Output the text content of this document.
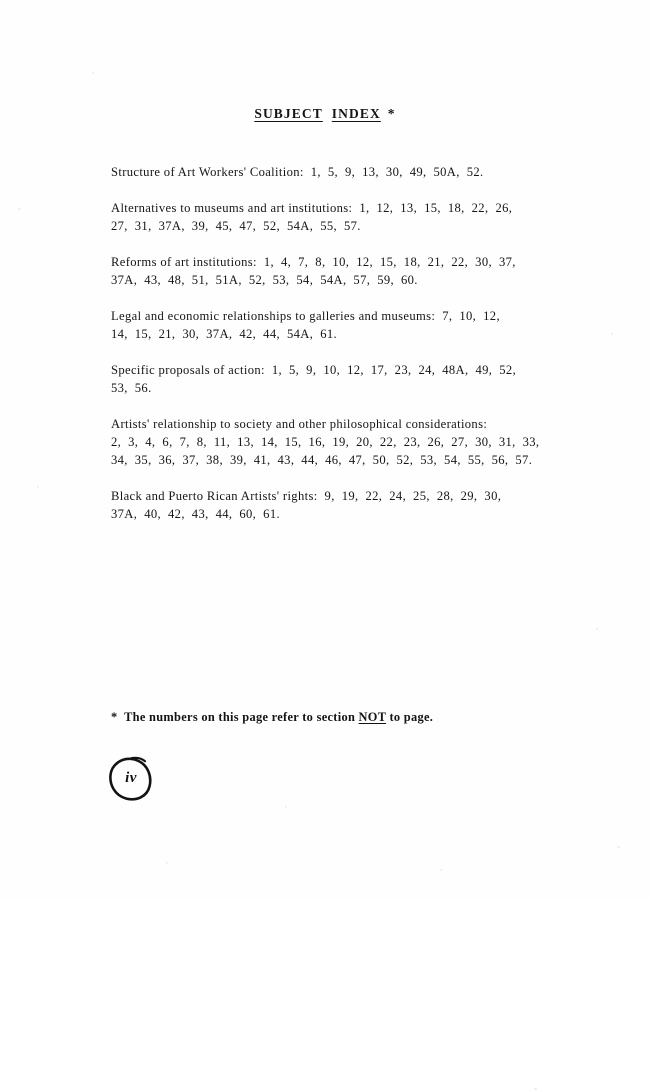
SUBJECT INDEX *
Structure of Art Workers' Coalition:  1,  5,  9,  13,  30,  49,  50A,  52.
Alternatives to museums and art institutions:  1,  12,  13,  15,  18,  22,  26,
27,  31,  37A,  39,  45,  47,  52,  54A,  55,  57.
Reforms of art institutions:  1,  4,  7,  8,  10,  12,  15,  18,  21,  22,  30,  37,
37A,  43,  48,  51,  51A,  52,  53,  54,  54A,  57,  59,  60.
Legal and economic relationships to galleries and museums:  7,  10,  12,
14,  15,  21,  30,  37A,  42,  44,  54A,  61.
Specific proposals of action:  1,  5,  9,  10,  12,  17,  23,  24,  48A,  49,  52,
53,  56.
Artists' relationship to society and other philosophical considerations:
2,  3,  4,  6,  7,  8,  11,  13,  14,  15,  16,  19,  20,  22,  23,  26,  27,  30,  31,  33,
34,  35,  36,  37,  38,  39,  41,  43,  44,  46,  47,  50,  52,  53,  54,  55,  56,  57.
Black and Puerto Rican Artists' rights:  9,  19,  22,  24,  25,  28,  29,  30,
37A,  40,  42,  43,  44,  60,  61.
*  The numbers on this page refer to section NOT to page.
iv
